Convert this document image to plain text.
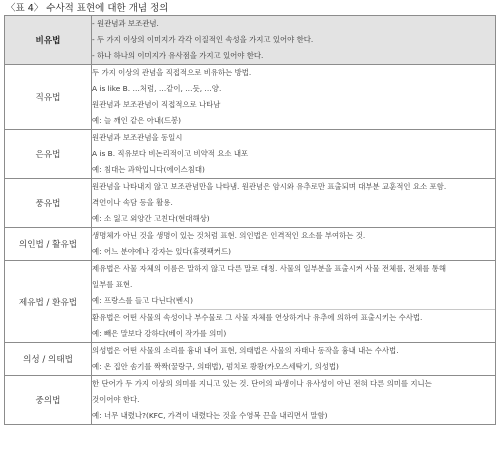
〈표 4〉 수사적 표현에 대한 개념 정의
비유법	- 원관념과 보조관념.
- 두 가지 이상의 이미지가 각각 이질적인 속성을 가지고 있어야 한다.
- 하나 하나의 이미지가 유사점을 가지고 있어야 한다.

직유법	두 가지 이상의 관념을 직접적으로 비유하는 방법.
A is like B. …처럼, …같이, …듯, …양.
원관념과 보조관념이 직접적으로 나타남
예: 늘 깨인 같은 아내(드봉)

은유법	원관념과 보조관념을 동일시
A is B. 직유보다 비논리적이고 비약적 요소 내포
예: 침대는 과학입니다(에이스침대)

풍유법	원관념을 나타내지 않고 보조관념만을 나타냄. 원관념은 암시와 유추로만 표출되며 대부분 교훈적인 요소 포함.
격언이나 속담 등을 활용.
예: 소 잃고 외양간 고친다(현대해상)

의인법 / 활유법	생명체가 아닌 것을 생명이 있는 것처럼 표현. 의인법은 인격적인 요소를 부여하는 것.
예: 어느 분야에나 강자는 있다(휴렛팩커드)

제유법 / 환유법	제유법은 사물 자체의 이름은 말하지 않고 다른 말로 대칭. 사물의 일부분을 표출시켜 사물 전체를, 전체를 통해
일부를 표현.
예: 프랑스를 들고 다닌다(벤시)
환유법은 어떤 사물의 속성이나 부수물로 그 사물 자체를 연상하거나 유추에 의하여 표출시키는 수사법.
예: 빼은 말보다 강하다(베이 작가를 의미)

의성 / 의태법	의성법은 어떤 사물의 소리를 흉내 내어 표현, 의태법은 사물의 자태나 동작을 흉내 내는 수사법.
예: 온 집안 솜기를 짝짝(꿀랑구, 의태법), 펌치로 쾅쾅(카오스세탁기, 의성법)

중의법	한 단어가 두 가지 이상의 의미를 지니고 있는 것. 단어의 파생이나 유사성이 아닌 전혀 다른 의미를 지니는
것이어야 한다.
예: 너무 내렸나?(KFC, 가격이 내렸다는 것을 수영복 끈을 내리면서 말함)
